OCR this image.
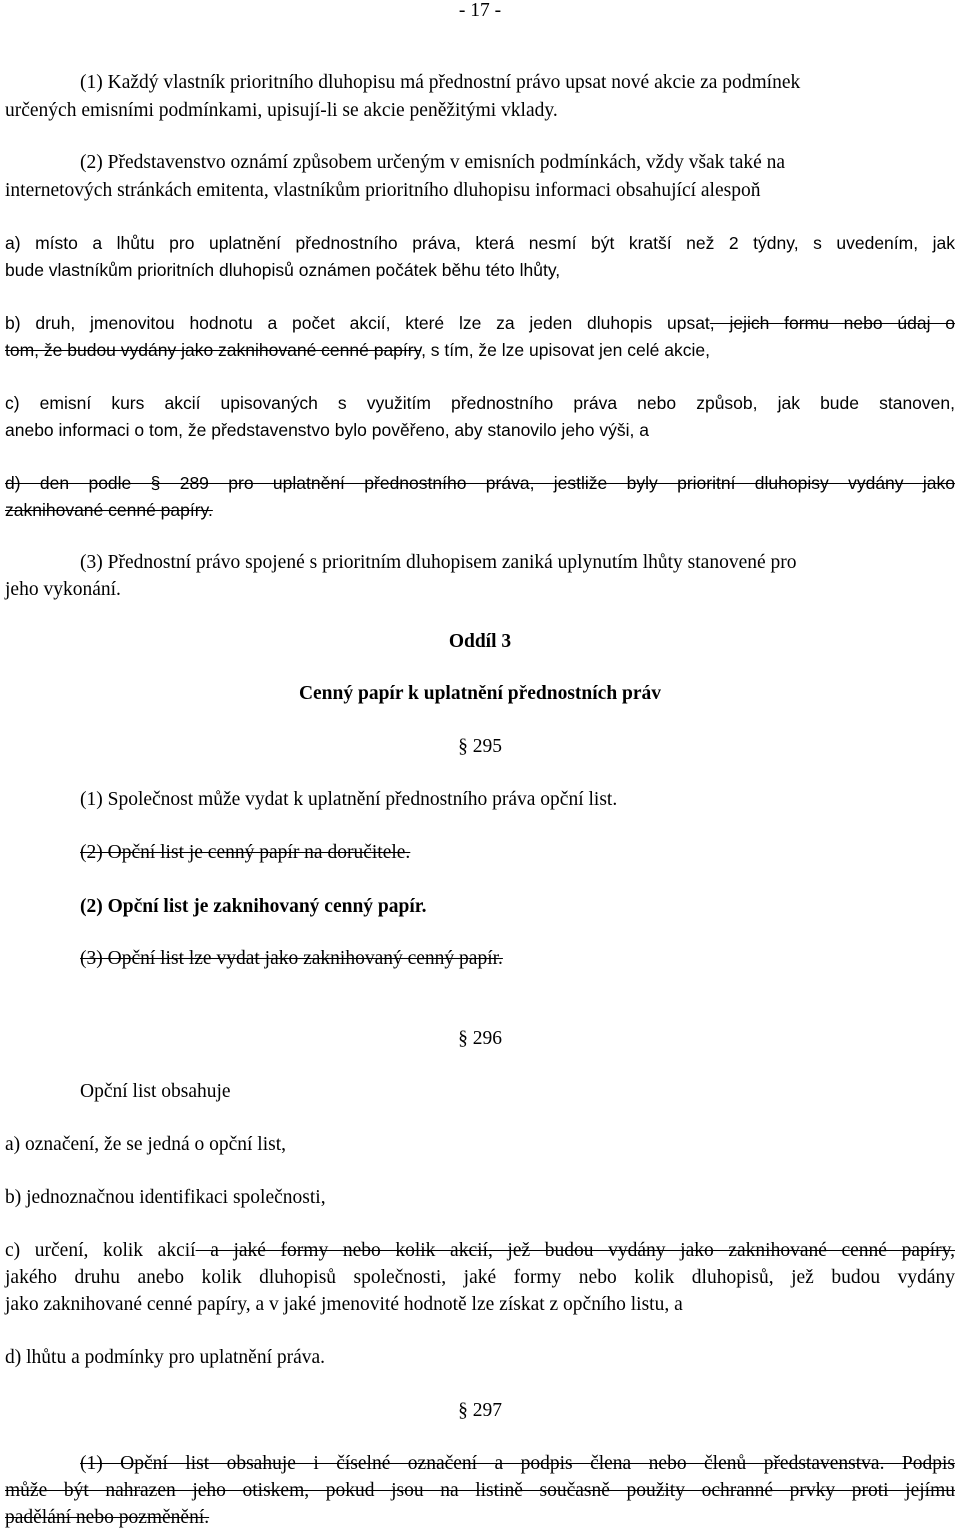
- 17 -
(1) Každý vlastník prioritního dluhopisu má přednostní právo upsat nové akcie za podmínek
určených emisními podmínkami, upisují-li se akcie peněžitými vklady.
(2) Představenstvo oznámí způsobem určeným v emisních podmínkách, vždy však také na
internetových stránkách emitenta, vlastníkům prioritního dluhopisu informaci obsahující alespoň
a) místo a lhůtu pro uplatnění přednostního práva, která nesmí být kratší než 2 týdny, s uvedením, jak
bude vlastníkům prioritních dluhopisů oznámen počátek běhu této lhůty,
b) druh, jmenovitou hodnotu a počet akcií, které lze za jeden dluhopis upsat, jejich formu nebo údaj o
tom, že budou vydány jako zaknihované cenné papíry, s tím, že lze upisovat jen celé akcie,
c) emisní kurs akcií upisovaných s využitím přednostního práva nebo způsob, jak bude stanoven,
anebo informaci o tom, že představenstvo bylo pověřeno, aby stanovilo jeho výši, a
d) den podle § 289 pro uplatnění přednostního práva, jestliže byly prioritní dluhopisy vydány jako
zaknihované cenné papíry.
(3) Přednostní právo spojené s prioritním dluhopisem zaniká uplynutím lhůty stanovené pro
jeho vykonání.
Oddíl 3
Cenný papír k uplatnění přednostních práv
§ 295
(1) Společnost může vydat k uplatnění přednostního práva opční list.
(2) Opční list je cenný papír na doručitele.
(2) Opční list je zaknihovaný cenný papír.
(3) Opční list lze vydat jako zaknihovaný cenný papír.
§ 296
Opční list obsahuje
a) označení, že se jedná o opční list,
b) jednoznačnou identifikaci společnosti,
c) určení, kolik akcií a jaké formy nebo kolik akcií, jež budou vydány jako zaknihované cenné papíry,
jakého druhu anebo kolik dluhopisů společnosti, jaké formy nebo kolik dluhopisů, jež budou vydány
jako zaknihované cenné papíry, a v jaké jmenovité hodnotě lze získat z opčního listu, a
d) lhůtu a podmínky pro uplatnění práva.
§ 297
(1) Opční list obsahuje i číselné označení a podpis člena nebo členů představenstva. Podpis
může být nahrazen jeho otiskem, pokud jsou na listině současně použity ochranné prvky proti jejímu
padělání nebo pozměnění.
